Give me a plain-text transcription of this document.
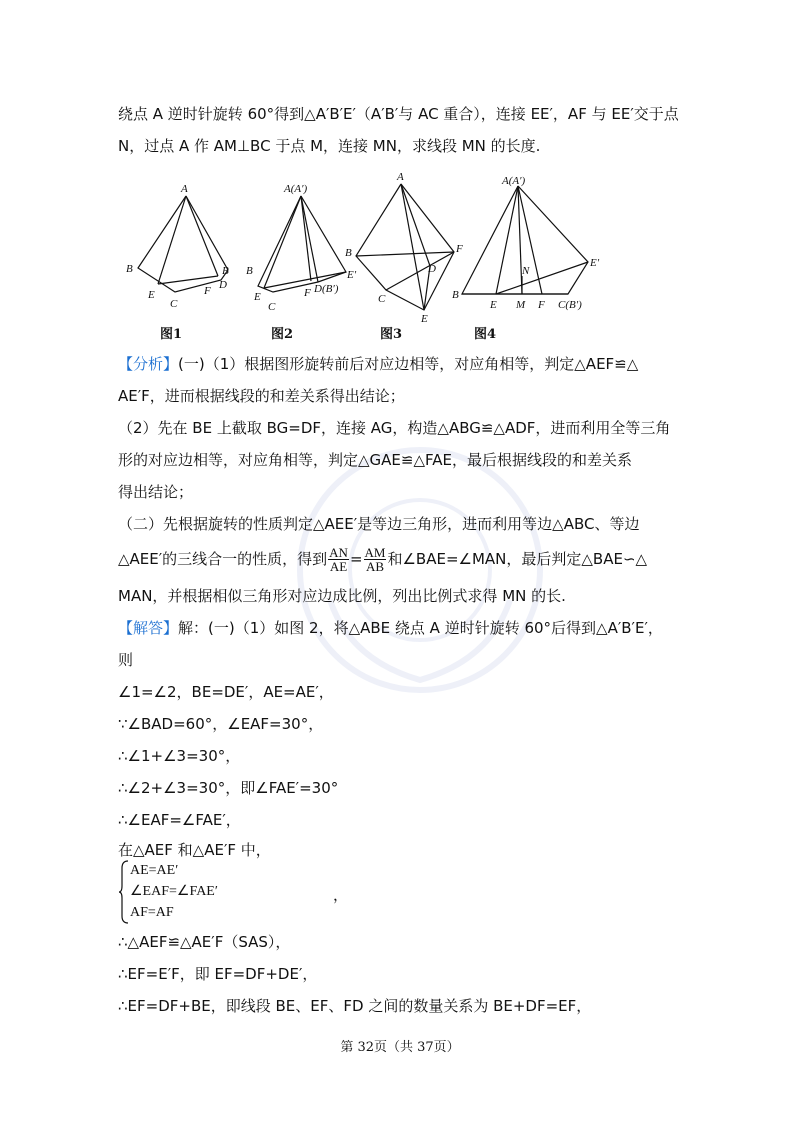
绕点 A 逆时针旋转 60°得到△A′B′E′（A′B′与 AC 重合），连接 EE′，AF 与 EE′交于点
N，过点 A 作 AM⊥BC 于点 M，连接 MN，求线段 MN 的长度.
A
B	B
E
C
F D
A(A′)
B
E
C
F D(B′)
E′
A
B
C
E
D
F
A(A′)
B
E M F C(B′)
E′
N
图1	图2	图3	图4
【分析】(一)（1）根据图形旋转前后对应边相等，对应角相等，判定△AEF≌△
AE′F，进而根据线段的和差关系得出结论；
（2）先在 BE 上截取 BG=DF，连接 AG，构造△ABG≌△ADF，进而利用全等三角
形的对应边相等，对应角相等，判定△GAE≌△FAE，最后根据线段的和差关系
得出结论；
（二）先根据旋转的性质判定△AEE′是等边三角形，进而利用等边△ABC、等边
△AEE′的三线合一的性质，得到 $\frac{AN}{AE} = \frac{AM}{AB}$ 和∠BAE=∠MAN，最后判定△BAE∽△
MAN，并根据相似三角形对应边成比例，列出比例式求得 MN 的长.
【解答】解：(一)（1）如图 2，将△ABE 绕点 A 逆时针旋转 60°后得到△A′B′E′，
则
∠1=∠2，BE=DE′，AE=AE′，
∵∠BAD=60°，∠EAF=30°，
∴∠1+∠3=30°，
∴∠2+∠3=30°，即∠FAE′=30°
∴∠EAF=∠FAE′，
在△AEF 和△AE′F 中，
AE=AE′
∠EAF=∠FAE′
AF=AF
，
∴△AEF≌△AE′F（SAS），
∴EF=E′F，即 EF=DF+DE′，
∴EF=DF+BE，即线段 BE、EF、FD 之间的数量关系为 BE+DF=EF，
第 32页（共 37页）
